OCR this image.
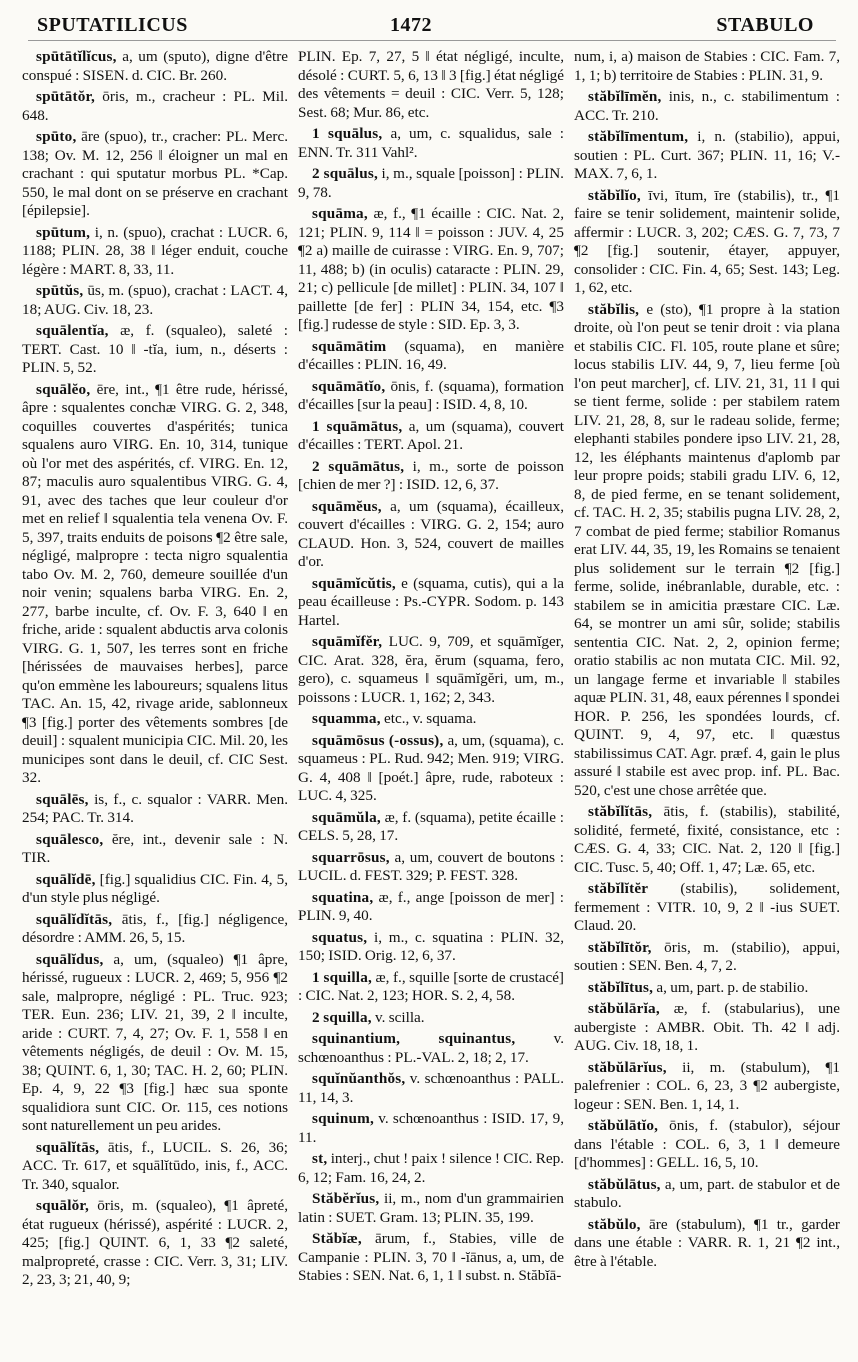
SPUTATILICUS	1472	STABULO
spūtātĭlĭcus, a, um (sputo), digne d'être conspué : SISEN. d. CIC. Br. 260.
spūtātŏr, ōris, m., cracheur : PL. Mil. 648.
spūto, āre (spuo), tr., cracher: PL. Merc. 138; Ov. M. 12, 256 ‖ éloigner un mal en crachant : qui sputatur morbus PL. *Cap. 550, le mal dont on se préserve en crachant [épilepsie].
spūtum, i, n. (spuo), crachat : LUCR. 6, 1188; PLIN. 28, 38 ‖ léger enduit, couche légère : MART. 8, 33, 11.
spūtŭs, ūs, m. (spuo), crachat : LACT. 4, 18; AUG. Civ. 18, 23.
squālentĭa, æ, f. (squaleo), saleté : TERT. Cast. 10 ‖ -tĭa, ium, n., déserts : PLIN. 5, 52.
squālĕo, ēre, int., ¶1 être rude, hérissé, âpre : squalentes conchæ VIRG. G. 2, 348, coquilles couvertes d'aspérités; tunica squalens auro VIRG. En. 10, 314, tunique où l'or met des aspérités, cf. VIRG. En. 12, 87; maculis auro squalentibus VIRG. G. 4, 91, avec des taches que leur couleur d'or met en relief ‖ squalentia tela venena Ov. F. 5, 397, traits enduits de poisons ¶2 être sale, négligé, malpropre : tecta nigro squalentia tabo Ov. M. 2, 760, demeure souillée d'un noir venin; squalens barba VIRG. En. 2, 277, barbe inculte, cf. Ov. F. 3, 640 ‖ en friche, aride : squalent abductis arva colonis VIRG. G. 1, 507, les terres sont en friche [hérissées de mauvaises herbes], parce qu'on emmène les laboureurs; squalens litus TAC. An. 15, 42, rivage aride, sablonneux ¶3 [fig.] porter des vêtements sombres [de deuil] : squalent municipia CIC. Mil. 20, les municipes sont dans le deuil, cf. CIC Sest. 32.
squālēs, is, f., c. squalor : VARR. Men. 254; PAC. Tr. 314.
squālesco, ĕre, int., devenir sale : N. TIR.
squālĭdē, [fig.] squalidius CIC. Fin. 4, 5, d'un style plus négligé.
squālĭdĭtās, ātis, f., [fig.] négligence, désordre : AMM. 26, 5, 15.
squālĭdus, a, um, (squaleo) ¶1 âpre, hérissé, rugueux : LUCR. 2, 469; 5, 956 ¶2 sale, malpropre, négligé : PL. Truc. 923; TER. Eun. 236; LIV. 21, 39, 2 ‖ inculte, aride : CURT. 7, 4, 27; Ov. F. 1, 558 ‖ en vêtements négligés, de deuil : Ov. M. 15, 38; QUINT. 6, 1, 30; TAC. H. 2, 60; PLIN. Ep. 4, 9, 22 ¶3 [fig.] hæc sua sponte squalidiora sunt CIC. Or. 115, ces notions sont naturellement un peu arides.
squālĭtās, ātis, f., LUCIL. S. 26, 36; ACC. Tr. 617, et squālĭtūdo, inis, f., ACC. Tr. 340, squalor.
squālŏr, ōris, m. (squaleo), ¶1 âpreté, état rugueux (hérissé), aspérité : LUCR. 2, 425; [fig.] QUINT. 6, 1, 33 ¶2 saleté, malpropreté, crasse : CIC. Verr. 3, 31; LIV. 2, 23, 3; 21, 40, 9;
PLIN. Ep. 7, 27, 5 ‖ état négligé, inculte, désolé : CURT. 5, 6, 13 ‖ 3 [fig.] état négligé des vêtements = deuil : CIC. Verr. 5, 128; Sest. 68; Mur. 86, etc.
1 squālus, a, um, c. squalidus, sale : ENN. Tr. 311 Vahl².
2 squālus, i, m., squale [poisson] : PLIN. 9, 78.
squāma, æ, f., ¶1 écaille : CIC. Nat. 2, 121; PLIN. 9, 114 ‖ = poisson : JUV. 4, 25 ¶2 a) maille de cuirasse : VIRG. En. 9, 707; 11, 488; b) (in oculis) cataracte : PLIN. 29, 21; c) pellicule [de millet] : PLIN. 34, 107 ‖ paillette [de fer] : PLIN 34, 154, etc. ¶3 [fig.] rudesse de style : SID. Ep. 3, 3.
squāmātim (squama), en manière d'écailles : PLIN. 16, 49.
squāmātĭo, ōnis, f. (squama), formation d'écailles [sur la peau] : ISID. 4, 8, 10.
1 squāmātus, a, um (squama), couvert d'écailles : TERT. Apol. 21.
2 squāmātus, i, m., sorte de poisson [chien de mer ?] : ISID. 12, 6, 37.
squāmĕus, a, um (squama), écailleux, couvert d'écailles : VIRG. G. 2, 154; auro CLAUD. Hon. 3, 524, couvert de mailles d'or.
squāmĭcŭtis, e (squama, cutis), qui a la peau écailleuse : Ps.-CYPR. Sodom. p. 143 Hartel.
squāmĭfĕr, LUC. 9, 709, et squāmĭger, CIC. Arat. 328, ĕra, ĕrum (squama, fero, gero), c. squameus ‖ squāmĭgĕri, um, m., poissons : LUCR. 1, 162; 2, 343.
squamma, etc., v. squama.
squāmōsus (-ossus), a, um, (squama), c. squameus : PL. Rud. 942; Men. 919; VIRG. G. 4, 408 ‖ [poét.] âpre, rude, raboteux : LUC. 4, 325.
squāmŭla, æ, f. (squama), petite écaille : CELS. 5, 28, 17.
squarrōsus, a, um, couvert de boutons : LUCIL. d. FEST. 329; P. FEST. 328.
squatina, æ, f., ange [poisson de mer] : PLIN. 9, 40.
squatus, i, m., c. squatina : PLIN. 32, 150; ISID. Orig. 12, 6, 37.
1 squilla, æ, f., squille [sorte de crustacé] : CIC. Nat. 2, 123; HOR. S. 2, 4, 58.
2 squilla, v. scilla.
squinantium, squinantus, v. schœnoanthus : PL.-VAL. 2, 18; 2, 17.
squĭnŭanthŏs, v. schœnoanthus : PALL. 11, 14, 3.
squinum, v. schœnoanthus : ISID. 17, 9, 11.
st, interj., chut ! paix ! silence ! CIC. Rep. 6, 12; Fam. 16, 24, 2.
Stăbĕrĭus, ii, m., nom d'un grammairien latin : SUET. Gram. 13; PLIN. 35, 199.
Stăbĭæ, ārum, f., Stabies, ville de Campanie : PLIN. 3, 70 ‖ -ĭānus, a, um, de Stabies : SEN. Nat. 6, 1, 1 ‖ subst. n. Stăbĭā-
num, i, a) maison de Stabies : CIC. Fam. 7, 1, 1; b) territoire de Stabies : PLIN. 31, 9.
stăbĭlīmĕn, inis, n., c. stabilimentum : ACC. Tr. 210.
stăbĭlīmentum, i, n. (stabilio), appui, soutien : PL. Curt. 367; PLIN. 11, 16; V.-MAX. 7, 6, 1.
stăbĭlĭo, īvi, ītum, īre (stabilis), tr., ¶1 faire se tenir solidement, maintenir solide, affermir : LUCR. 3, 202; CÆS. G. 7, 73, 7 ¶2 [fig.] soutenir, étayer, appuyer, consolider : CIC. Fin. 4, 65; Sest. 143; Leg. 1, 62, etc.
stăbĭlis, e (sto), ¶1 propre à la station droite, où l'on peut se tenir droit : via plana et stabilis CIC. Fl. 105, route plane et sûre; locus stabilis LIV. 44, 9, 7, lieu ferme [où l'on peut marcher], cf. LIV. 21, 31, 11 ‖ qui se tient ferme, solide : per stabilem ratem LIV. 21, 28, 8, sur le radeau solide, ferme; elephanti stabiles pondere ipso LIV. 21, 28, 12, les éléphants maintenus d'aplomb par leur propre poids; stabili gradu LIV. 6, 12, 8, de pied ferme, en se tenant solidement, cf. TAC. H. 2, 35; stabilis pugna LIV. 28, 2, 7 combat de pied ferme; stabilior Romanus erat LIV. 44, 35, 19, les Romains se tenaient plus solidement sur le terrain ¶2 [fig.] ferme, solide, inébranlable, durable, etc. : stabilem se in amicitia præstare CIC. Læ. 64, se montrer un ami sûr, solide; stabilis sententia CIC. Nat. 2, 2, opinion ferme; oratio stabilis ac non mutata CIC. Mil. 92, un langage ferme et invariable ‖ stabiles aquæ PLIN. 31, 48, eaux pérennes ‖ spondei HOR. P. 256, les spondées lourds, cf. QUINT. 9, 4, 97, etc. ‖ quæstus stabilissimus CAT. Agr. præf. 4, gain le plus assuré ‖ stabile est avec prop. inf. PL. Bac. 520, c'est une chose arrêtée que.
stăbĭlĭtās, ātis, f. (stabilis), stabilité, solidité, fermeté, fixité, consistance, etc : CÆS. G. 4, 33; CIC. Nat. 2, 120 ‖ [fig.] CIC. Tusc. 5, 40; Off. 1, 47; Læ. 65, etc.
stăbĭlĭtĕr (stabilis), solidement, fermement : VITR. 10, 9, 2 ‖ -ius SUET. Claud. 20.
stăbĭlītŏr, ōris, m. (stabilio), appui, soutien : SEN. Ben. 4, 7, 2.
stăbĭlītus, a, um, part. p. de stabilio.
stăbŭlārĭa, æ, f. (stabularius), une aubergiste : AMBR. Obit. Th. 42 ‖ adj. AUG. Civ. 18, 18, 1.
stăbŭlārĭus, ii, m. (stabulum), ¶1 palefrenier : COL. 6, 23, 3 ¶2 aubergiste, logeur : SEN. Ben. 1, 14, 1.
stăbŭlātĭo, ōnis, f. (stabulor), séjour dans l'étable : COL. 6, 3, 1 ‖ demeure [d'hommes] : GELL. 16, 5, 10.
stăbŭlātus, a, um, part. de stabulor et de stabulo.
stăbŭlo, āre (stabulum), ¶1 tr., garder dans une étable : VARR. R. 1, 21 ¶2 int., être à l'étable.
